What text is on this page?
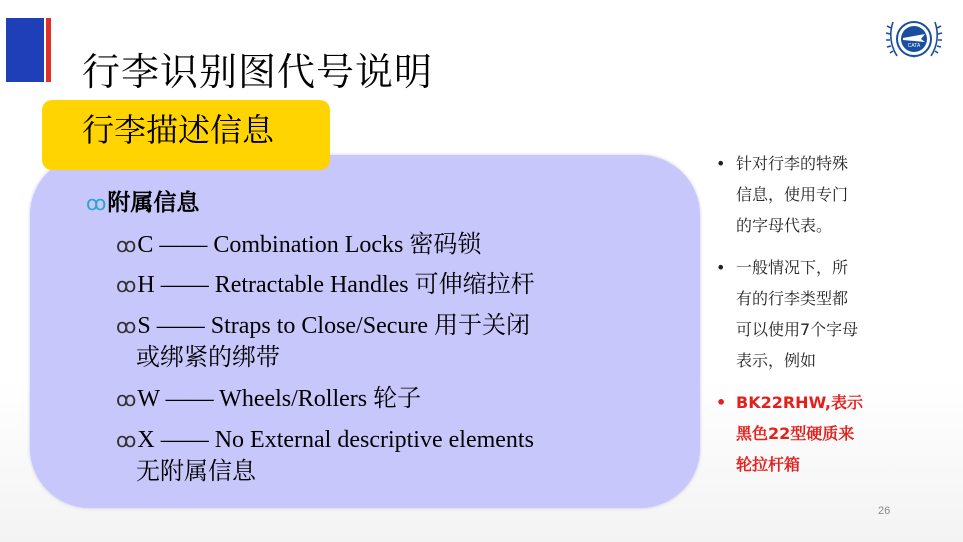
行李识别图代号说明
CATA
行李描述信息
ꝏ附属信息
ꝏC —— Combination Locks 密码锁
ꝏH —— Retractable Handles 可伸缩拉杆
ꝏS —— Straps to Close/Secure 用于关闭
或绑紧的绑带
ꝏW —— Wheels/Rollers 轮子
ꝏX —— No External descriptive elements
无附属信息
• 针对行李的特殊
信息，使用专门
的字母代表。
• 一般情况下，所
有的行李类型都
可以使用7个字母
表示，例如
• BK22RHW,表示
黑色22型硬质来
轮拉杆箱
26
